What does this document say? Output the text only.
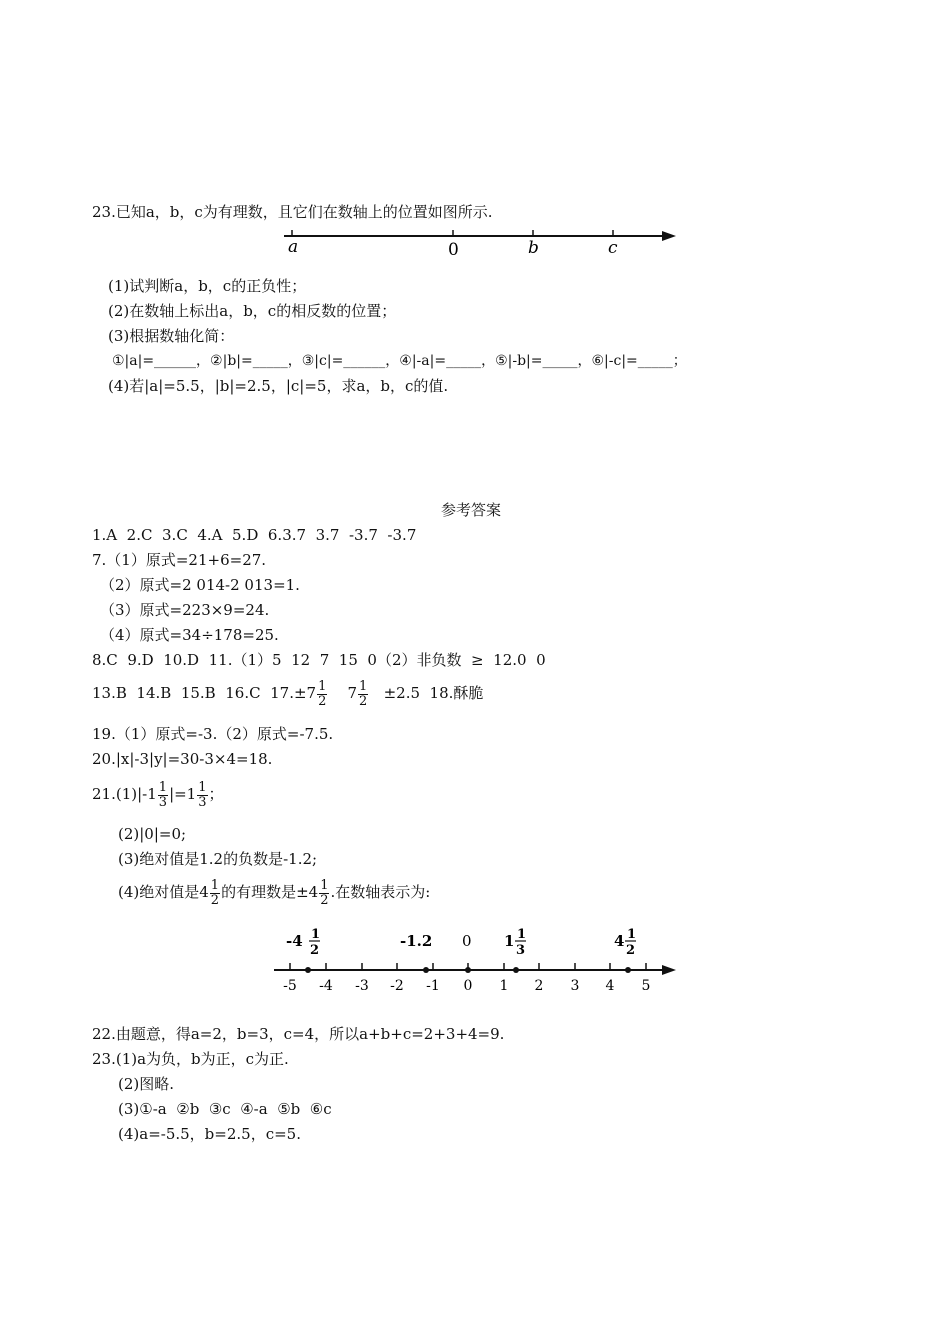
23.已知a，b，c为有理数，且它们在数轴上的位置如图所示.
a	0	b	c
(1)试判断a，b，c的正负性；
(2)在数轴上标出a，b，c的相反数的位置；
(3)根据数轴化简：
①|a|=______，②|b|=_____，③|c|=______，④|-a|=_____，⑤|-b|=_____，⑥|-c|=_____；
(4)若|a|=5.5，|b|=2.5，|c|=5，求a，b，c的值.
参考答案
1.A  2.C  3.C  4.A  5.D  6.3.7  3.7  -3.7  -3.7
7.（1）原式=21+6=27.
（2）原式=2 014-2 013=1.
（3）原式=223×9=24.
（4）原式=34÷178=25.
8.C  9.D  10.D  11.（1）5  12  7  15  0（2）非负数  ≥  12.0  0
13.B  14.B  15.B  16.C  $17.\pm 7 \frac{1}{2} 7 \frac{1}{2} \pm 2.5$  18.酥脆
19.（1）原式=-3.（2）原式=-7.5.
20.|x|-3|y|=30-3×4=18.
$21.(1)|-1 \frac{1}{3} |=1 \frac{1}{3}$ ；
(2)|0|=0;
(3)绝对值是1.2的负数是-1.2;
(4)绝对值是$4 \frac{1}{2}$ 的有理数是$\pm 4 \frac{1}{2}$ .在数轴表示为:
-5 -4 -3 -2 -1 0 1 2 3 4 5
-4 1
2
-1.2 0 1 1
3
4 1
2
22.由题意，得a=2，b=3，c=4，所以a+b+c=2+3+4=9.
23.(1)a为负，b为正，c为正.
(2)图略.
(3)①-a  ②b  ③c  ④-a  ⑤b  ⑥c
(4)a=-5.5，b=2.5，c=5.
